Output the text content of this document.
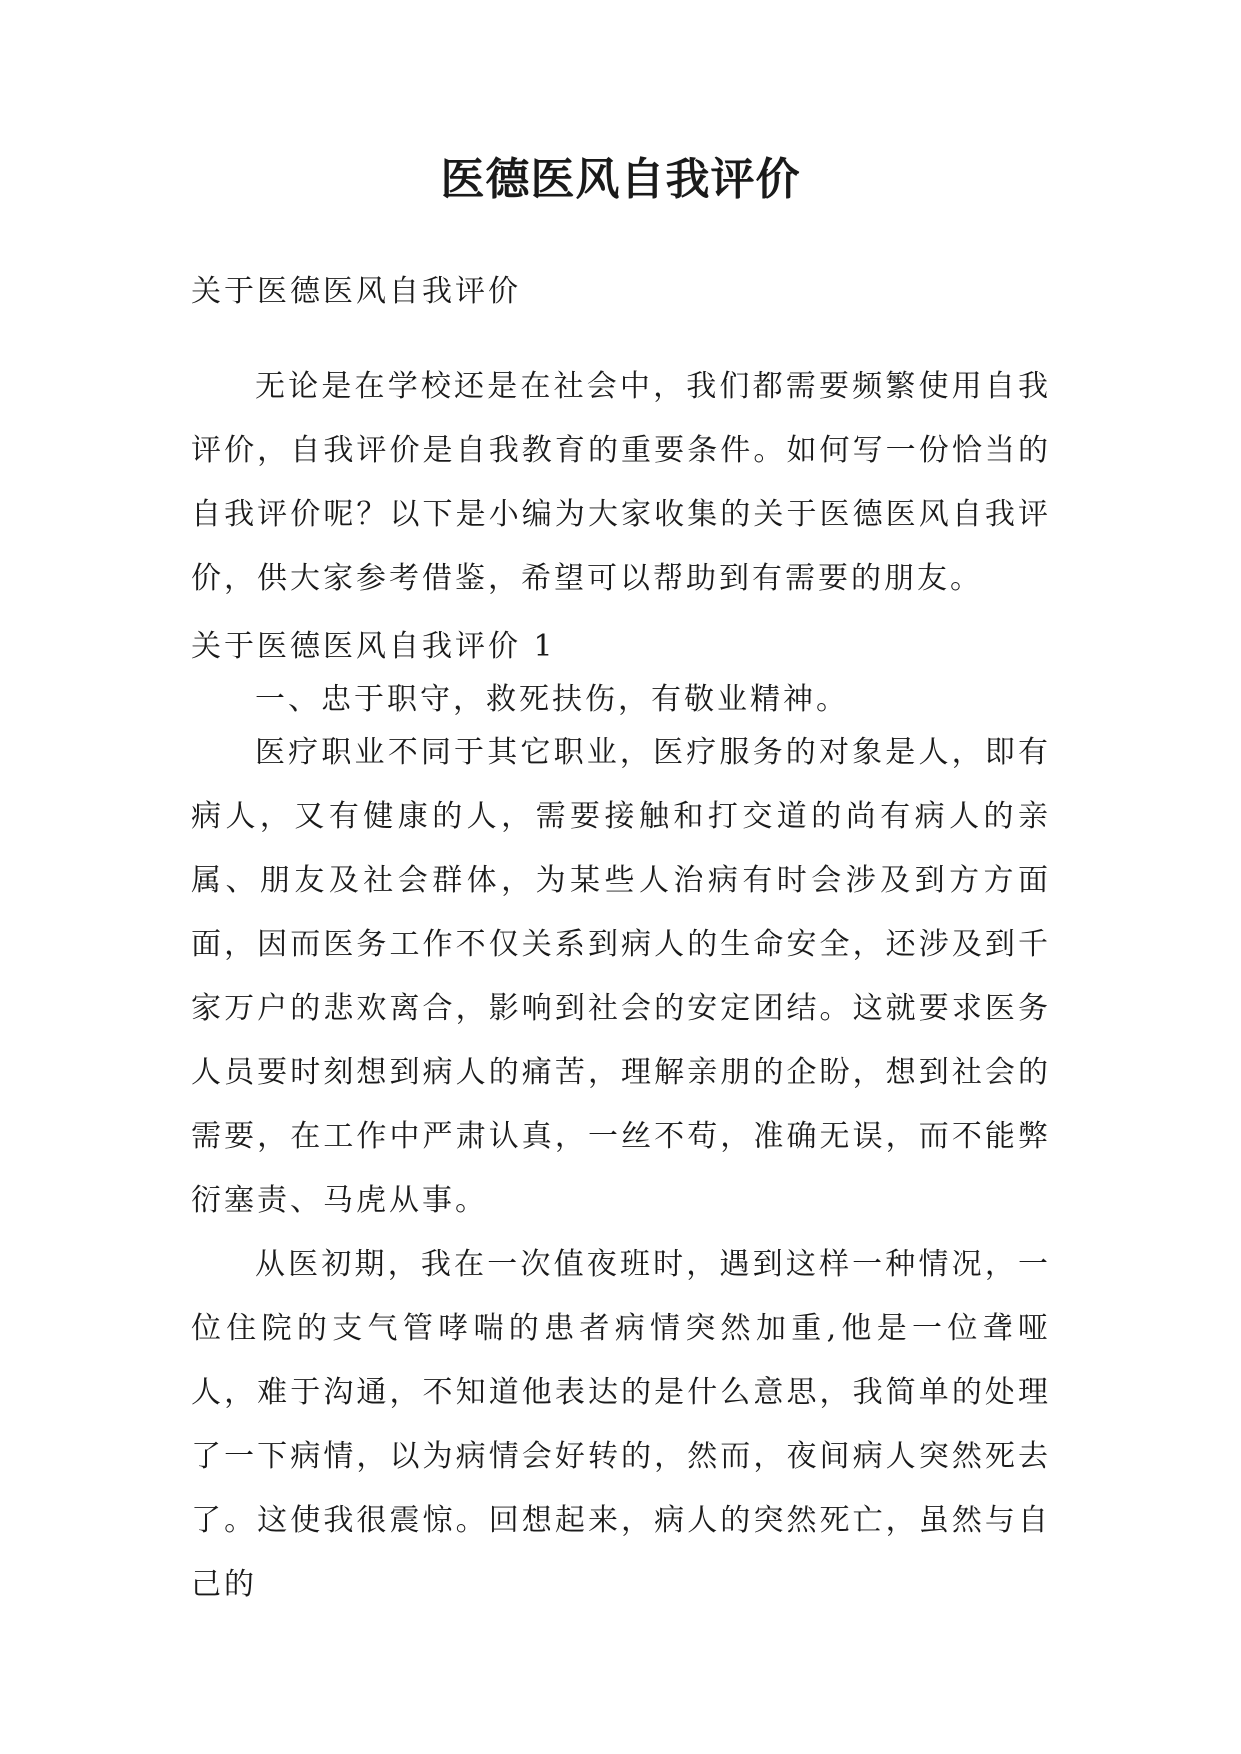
医德医风自我评价
关于医德医风自我评价

无论是在学校还是在社会中，我们都需要频繁使用自我评价，自我评价是自我教育的重要条件。如何写一份恰当的自我评价呢？以下是小编为大家收集的关于医德医风自我评价，供大家参考借鉴，希望可以帮助到有需要的朋友。

关于医德医风自我评价 1

一、忠于职守，救死扶伤，有敬业精神。

医疗职业不同于其它职业，医疗服务的对象是人，即有病人，又有健康的人，需要接触和打交道的尚有病人的亲属、朋友及社会群体，为某些人治病有时会涉及到方方面面，因而医务工作不仅关系到病人的生命安全，还涉及到千家万户的悲欢离合，影响到社会的安定团结。这就要求医务人员要时刻想到病人的痛苦，理解亲朋的企盼，想到社会的需要，在工作中严肃认真，一丝不苟，准确无误，而不能弊衍塞责、马虎从事。

从医初期，我在一次值夜班时，遇到这样一种情况，一位住院的支气管哮喘的患者病情突然加重,他是一位聋哑人，难于沟通，不知道他表达的是什么意思，我简单的处理了一下病情，以为病情会好转的，然而，夜间病人突然死去了。这使我很震惊。回想起来，病人的突然死亡，虽然与自己的
